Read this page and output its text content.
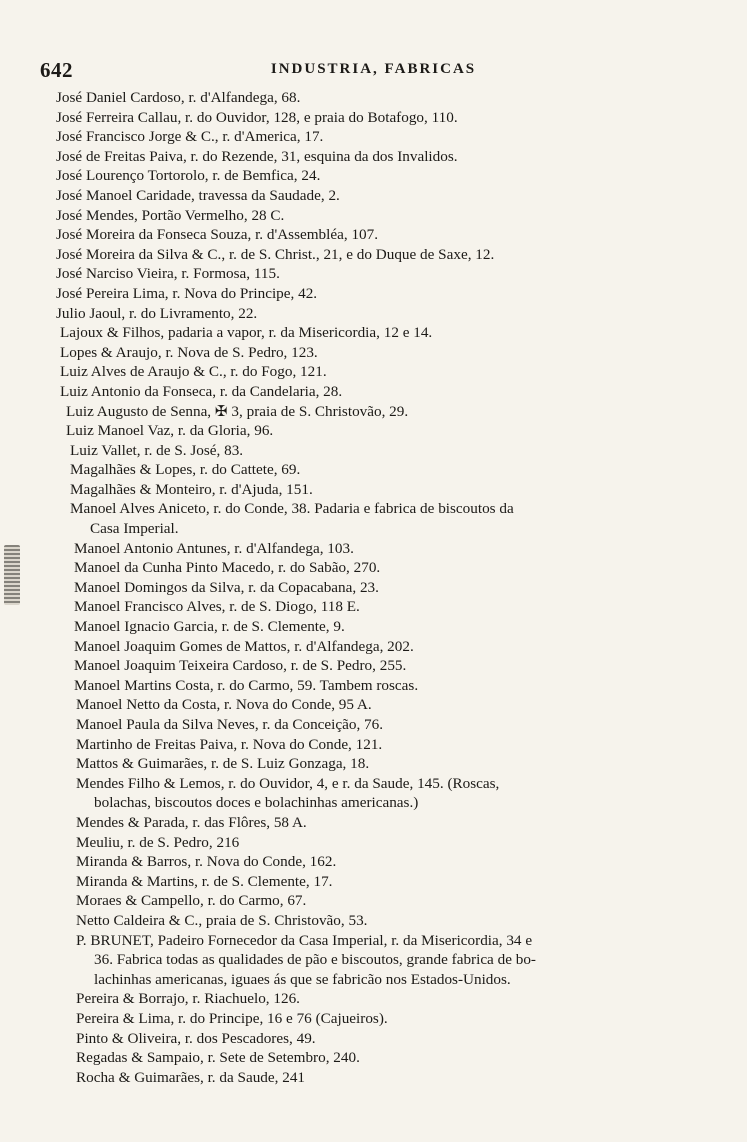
642	INDUSTRIA, FABRICAS
José Daniel Cardoso, r. d'Alfandega, 68.
José Ferreira Callau, r. do Ouvidor, 128, e praia do Botafogo, 110.
José Francisco Jorge & C., r. d'America, 17.
José de Freitas Paiva, r. do Rezende, 31, esquina da dos Invalidos.
José Lourenço Tortorolo, r. de Bemfica, 24.
José Manoel Caridade, travessa da Saudade, 2.
José Mendes, Portão Vermelho, 28 C.
José Moreira da Fonseca Souza, r. d'Assembléa, 107.
José Moreira da Silva & C., r. de S. Christ., 21, e do Duque de Saxe, 12.
José Narciso Vieira, r. Formosa, 115.
José Pereira Lima, r. Nova do Principe, 42.
Julio Jaoul, r. do Livramento, 22.
Lajoux & Filhos, padaria a vapor, r. da Misericordia, 12 e 14.
Lopes & Araujo, r. Nova de S. Pedro, 123.
Luiz Alves de Araujo & C., r. do Fogo, 121.
Luiz Antonio da Fonseca, r. da Candelaria, 28.
Luiz Augusto de Senna, ✠ 3, praia de S. Christovão, 29.
Luiz Manoel Vaz, r. da Gloria, 96.
Luiz Vallet, r. de S. José, 83.
Magalhães & Lopes, r. do Cattete, 69.
Magalhães & Monteiro, r. d'Ajuda, 151.
Manoel Alves Aniceto, r. do Conde, 38. Padaria e fabrica de biscoutos da
Casa Imperial.
Manoel Antonio Antunes, r. d'Alfandega, 103.
Manoel da Cunha Pinto Macedo, r. do Sabão, 270.
Manoel Domingos da Silva, r. da Copacabana, 23.
Manoel Francisco Alves, r. de S. Diogo, 118 E.
Manoel Ignacio Garcia, r. de S. Clemente, 9.
Manoel Joaquim Gomes de Mattos, r. d'Alfandega, 202.
Manoel Joaquim Teixeira Cardoso, r. de S. Pedro, 255.
Manoel Martins Costa, r. do Carmo, 59. Tambem roscas.
Manoel Netto da Costa, r. Nova do Conde, 95 A.
Manoel Paula da Silva Neves, r. da Conceição, 76.
Martinho de Freitas Paiva, r. Nova do Conde, 121.
Mattos & Guimarães, r. de S. Luiz Gonzaga, 18.
Mendes Filho & Lemos, r. do Ouvidor, 4, e r. da Saude, 145. (Roscas,
bolachas, biscoutos doces e bolachinhas americanas.)
Mendes & Parada, r. das Flôres, 58 A.
Meuliu, r. de S. Pedro, 216
Miranda & Barros, r. Nova do Conde, 162.
Miranda & Martins, r. de S. Clemente, 17.
Moraes & Campello, r. do Carmo, 67.
Netto Caldeira & C., praia de S. Christovão, 53.
P. BRUNET, Padeiro Fornecedor da Casa Imperial, r. da Misericordia, 34 e
36. Fabrica todas as qualidades de pão e biscoutos, grande fabrica de bo-
lachinhas americanas, iguaes ás que se fabricão nos Estados-Unidos.
Pereira & Borrajo, r. Riachuelo, 126.
Pereira & Lima, r. do Principe, 16 e 76 (Cajueiros).
Pinto & Oliveira, r. dos Pescadores, 49.
Regadas & Sampaio, r. Sete de Setembro, 240.
Rocha & Guimarães, r. da Saude, 241
